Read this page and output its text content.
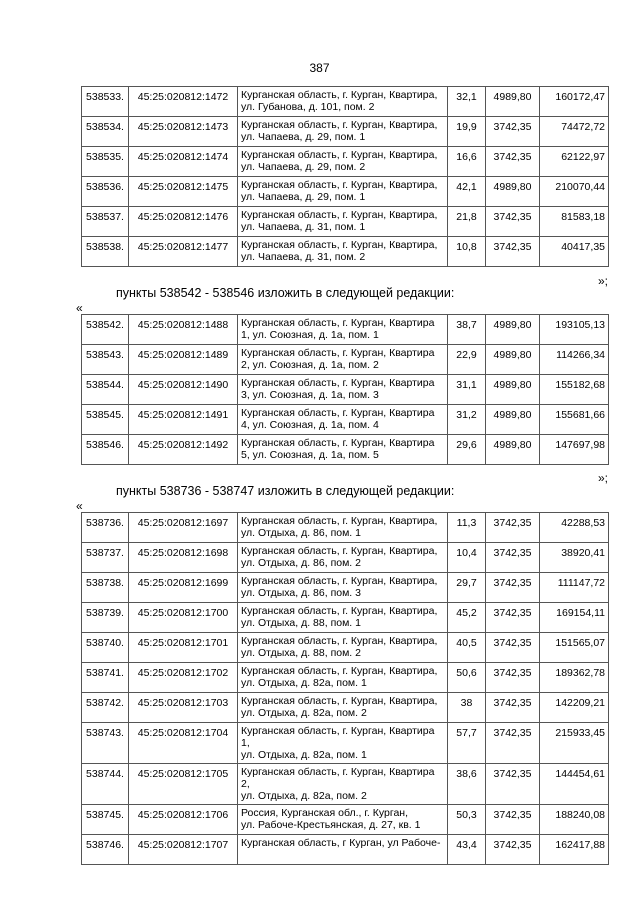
387
538533.	45:25:020812:1472	Курганская область, г. Курган, Квартира,
ул. Губанова, д. 101, пом. 2	32,1	4989,80	160172,47
538534.	45:25:020812:1473	Курганская область, г. Курган, Квартира,
ул. Чапаева, д. 29, пом. 1	19,9	3742,35	74472,72
538535.	45:25:020812:1474	Курганская область, г. Курган, Квартира,
ул. Чапаева, д. 29, пом. 2	16,6	3742,35	62122,97
538536.	45:25:020812:1475	Курганская область, г. Курган, Квартира,
ул. Чапаева, д. 29, пом. 1	42,1	4989,80	210070,44
538537.	45:25:020812:1476	Курганская область, г. Курган, Квартира,
ул. Чапаева, д. 31, пом. 1	21,8	3742,35	81583,18
538538.	45:25:020812:1477	Курганская область, г. Курган, Квартира,
ул. Чапаева, д. 31, пом. 2	10,8	3742,35	40417,35
»;
пункты 538542 - 538546 изложить в следующей редакции:
«
538542.	45:25:020812:1488	Курганская область, г. Курган, Квартира
1, ул. Союзная, д. 1а, пом. 1	38,7	4989,80	193105,13
538543.	45:25:020812:1489	Курганская область, г. Курган, Квартира
2, ул. Союзная, д. 1а, пом. 2	22,9	4989,80	114266,34
538544.	45:25:020812:1490	Курганская область, г. Курган, Квартира
3, ул. Союзная, д. 1а, пом. 3	31,1	4989,80	155182,68
538545.	45:25:020812:1491	Курганская область, г. Курган, Квартира
4, ул. Союзная, д. 1а, пом. 4	31,2	4989,80	155681,66
538546.	45:25:020812:1492	Курганская область, г. Курган, Квартира
5, ул. Союзная, д. 1а, пом. 5	29,6	4989,80	147697,98
»;
пункты 538736 - 538747 изложить в следующей редакции:
«
538736.	45:25:020812:1697	Курганская область, г. Курган, Квартира,
ул. Отдыха, д. 86, пом. 1	11,3	3742,35	42288,53
538737.	45:25:020812:1698	Курганская область, г. Курган, Квартира,
ул. Отдыха, д. 86, пом. 2	10,4	3742,35	38920,41
538738.	45:25:020812:1699	Курганская область, г. Курган, Квартира,
ул. Отдыха, д. 86, пом. 3	29,7	3742,35	111147,72
538739.	45:25:020812:1700	Курганская область, г. Курган, Квартира,
ул. Отдыха, д. 88, пом. 1	45,2	3742,35	169154,11
538740.	45:25:020812:1701	Курганская область, г. Курган, Квартира,
ул. Отдыха, д. 88, пом. 2	40,5	3742,35	151565,07
538741.	45:25:020812:1702	Курганская область, г. Курган, Квартира,
ул. Отдыха, д. 82а, пом. 1	50,6	3742,35	189362,78
538742.	45:25:020812:1703	Курганская область, г. Курган, Квартира,
ул. Отдыха, д. 82а, пом. 2	38	3742,35	142209,21
538743.	45:25:020812:1704	Курганская область, г. Курган, Квартира 1,
ул. Отдыха, д. 82а, пом. 1	57,7	3742,35	215933,45
538744.	45:25:020812:1705	Курганская область, г. Курган, Квартира 2,
ул. Отдыха, д. 82а, пом. 2	38,6	3742,35	144454,61
538745.	45:25:020812:1706	Россия, Курганская обл., г. Курган,
ул. Рабоче-Крестьянская, д. 27, кв. 1	50,3	3742,35	188240,08
538746.	45:25:020812:1707	Курганская область, г Курган, ул Рабоче-	43,4	3742,35	162417,88
